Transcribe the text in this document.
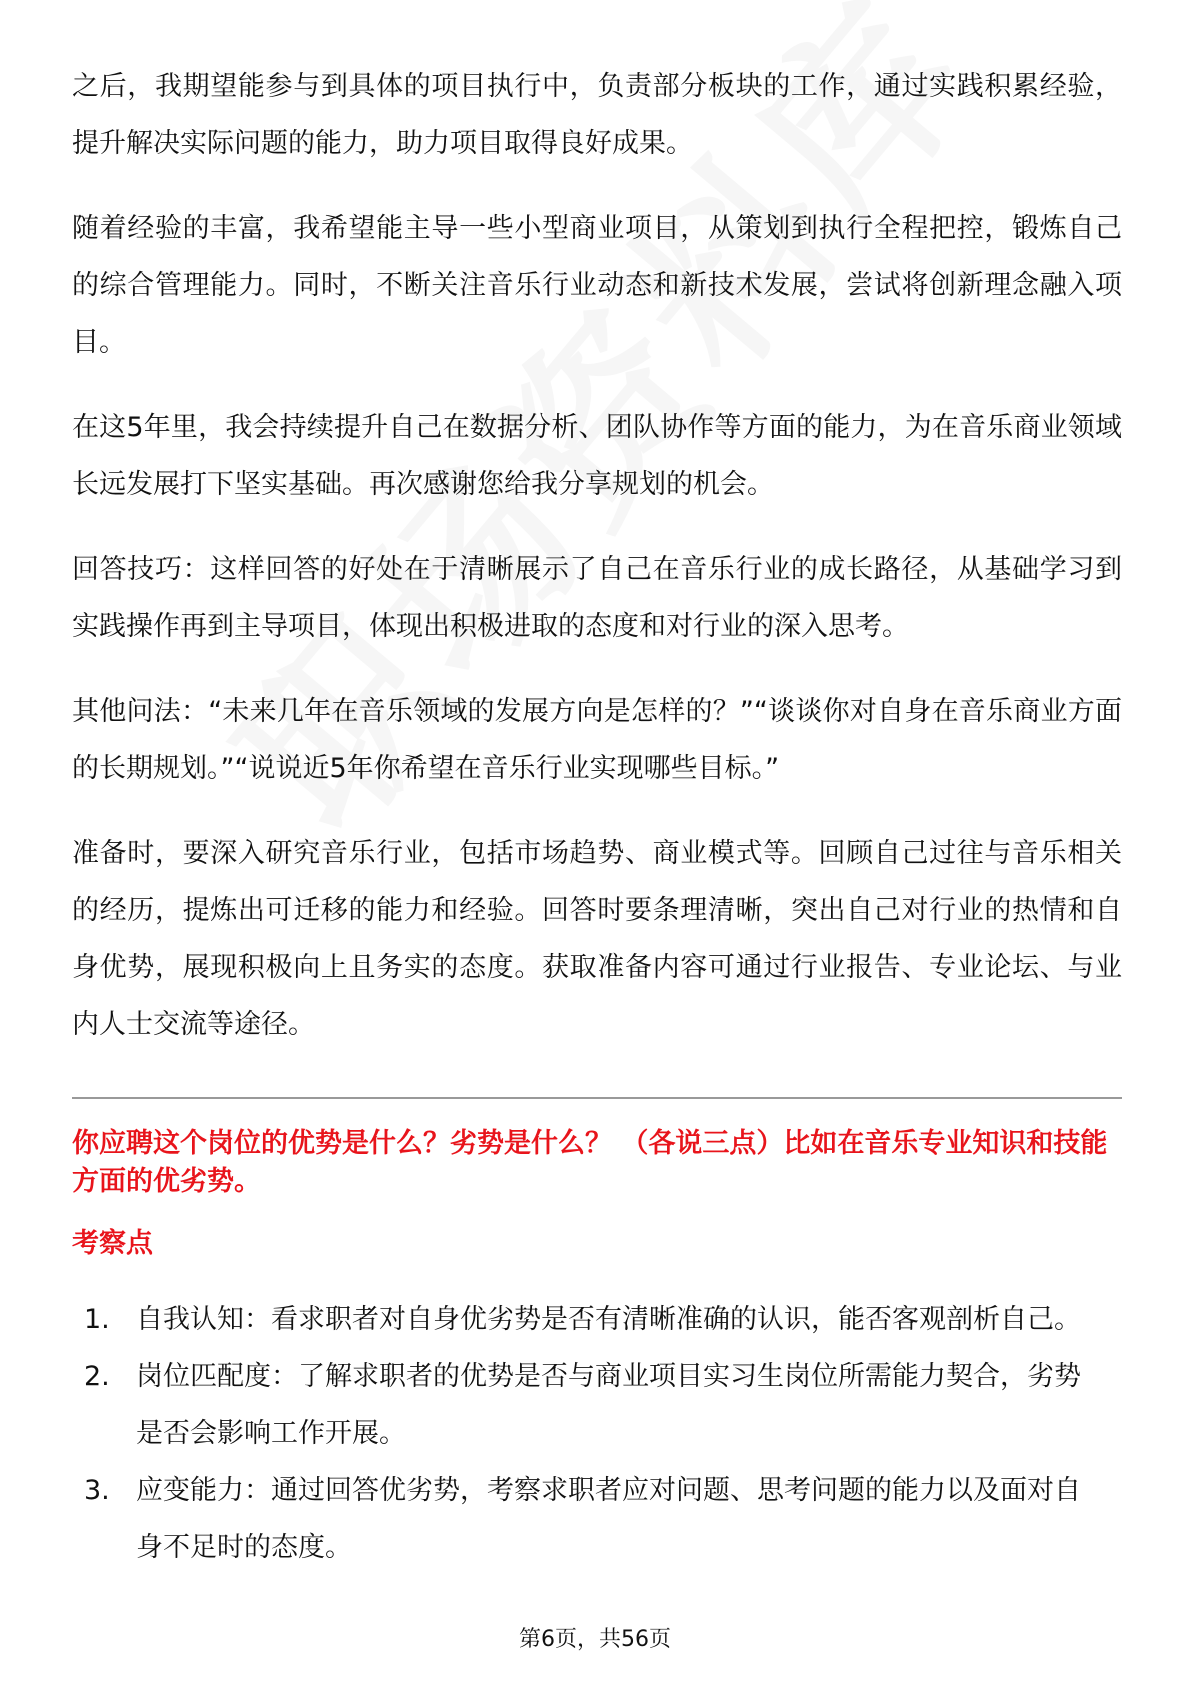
之后，我期望能参与到具体的项目执行中，负责部分板块的工作，通过实践积累经验，提升解决实际问题的能力，助力项目取得良好成果。

随着经验的丰富，我希望能主导一些小型商业项目，从策划到执行全程把控，锻炼自己的综合管理能力。同时，不断关注音乐行业动态和新技术发展，尝试将创新理念融入项目。

在这5年里，我会持续提升自己在数据分析、团队协作等方面的能力，为在音乐商业领域长远发展打下坚实基础。再次感谢您给我分享规划的机会。

回答技巧：这样回答的好处在于清晰展示了自己在音乐行业的成长路径，从基础学习到实践操作再到主导项目，体现出积极进取的态度和对行业的深入思考。

其他问法：“未来几年在音乐领域的发展方向是怎样的？”“谈谈你对自身在音乐商业方面的长期规划。”“说说近5年你希望在音乐行业实现哪些目标。”

准备时，要深入研究音乐行业，包括市场趋势、商业模式等。回顾自己过往与音乐相关的经历，提炼出可迁移的能力和经验。回答时要条理清晰，突出自己对行业的热情和自身优势，展现积极向上且务实的态度。获取准备内容可通过行业报告、专业论坛、与业内人士交流等途径。

你应聘这个岗位的优势是什么？劣势是什么？ （各说三点）比如在音乐专业知识和技能方面的优劣势。
考察点
1. 自我认知：看求职者对自身优劣势是否有清晰准确的认识，能否客观剖析自己。
2. 岗位匹配度：了解求职者的优势是否与商业项目实习生岗位所需能力契合，劣势是否会影响工作开展。
3. 应变能力：通过回答优劣势，考察求职者应对问题、思考问题的能力以及面对自身不足时的态度。
第6页，共56页
